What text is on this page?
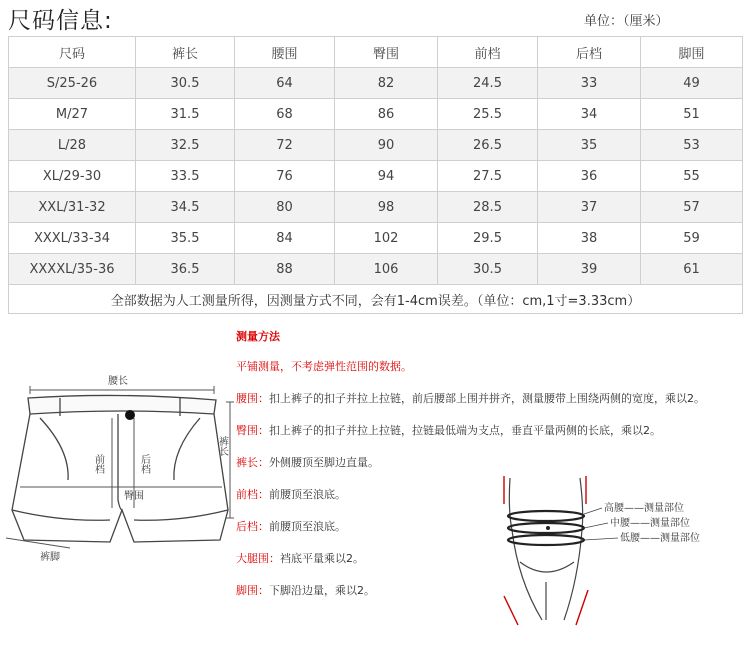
尺码信息:	单位：（厘米）
尺码	裤长	腰围	臀围	前档	后档	脚围
S/25-26	30.5	64	82	24.5	33	49
M/27	31.5	68	86	25.5	34	51
L/28	32.5	72	90	26.5	35	53
XL/29-30	33.5	76	94	27.5	36	55
XXL/31-32	34.5	80	98	28.5	37	57
XXXL/33-34	35.5	84	102	29.5	38	59
XXXXL/35-36	36.5	88	106	30.5	39	61
全部数据为人工测量所得，因测量方式不同，会有1-4cm误差。（单位：cm,1寸=3.33cm）						
腰长
裤长
前档	后档
臀围
裤脚
测量方法
平铺测量，不考虑弹性范围的数据。
腰围：扣上裤子的扣子并拉上拉链，前后腰部上围并拼齐，测量腰带上围绕两侧的宽度，乘以2。
臀围：扣上裤子的扣子并拉上拉链，拉链最低端为支点，垂直平量两侧的长底，乘以2。
裤长：外侧腰顶至脚边直量。
前档：前腰顶至浪底。
后档：前腰顶至浪底。
大腿围：裆底平量乘以2。
脚围：下脚沿边量，乘以2。
高腰——测量部位
中腰——测量部位
低腰——测量部位
